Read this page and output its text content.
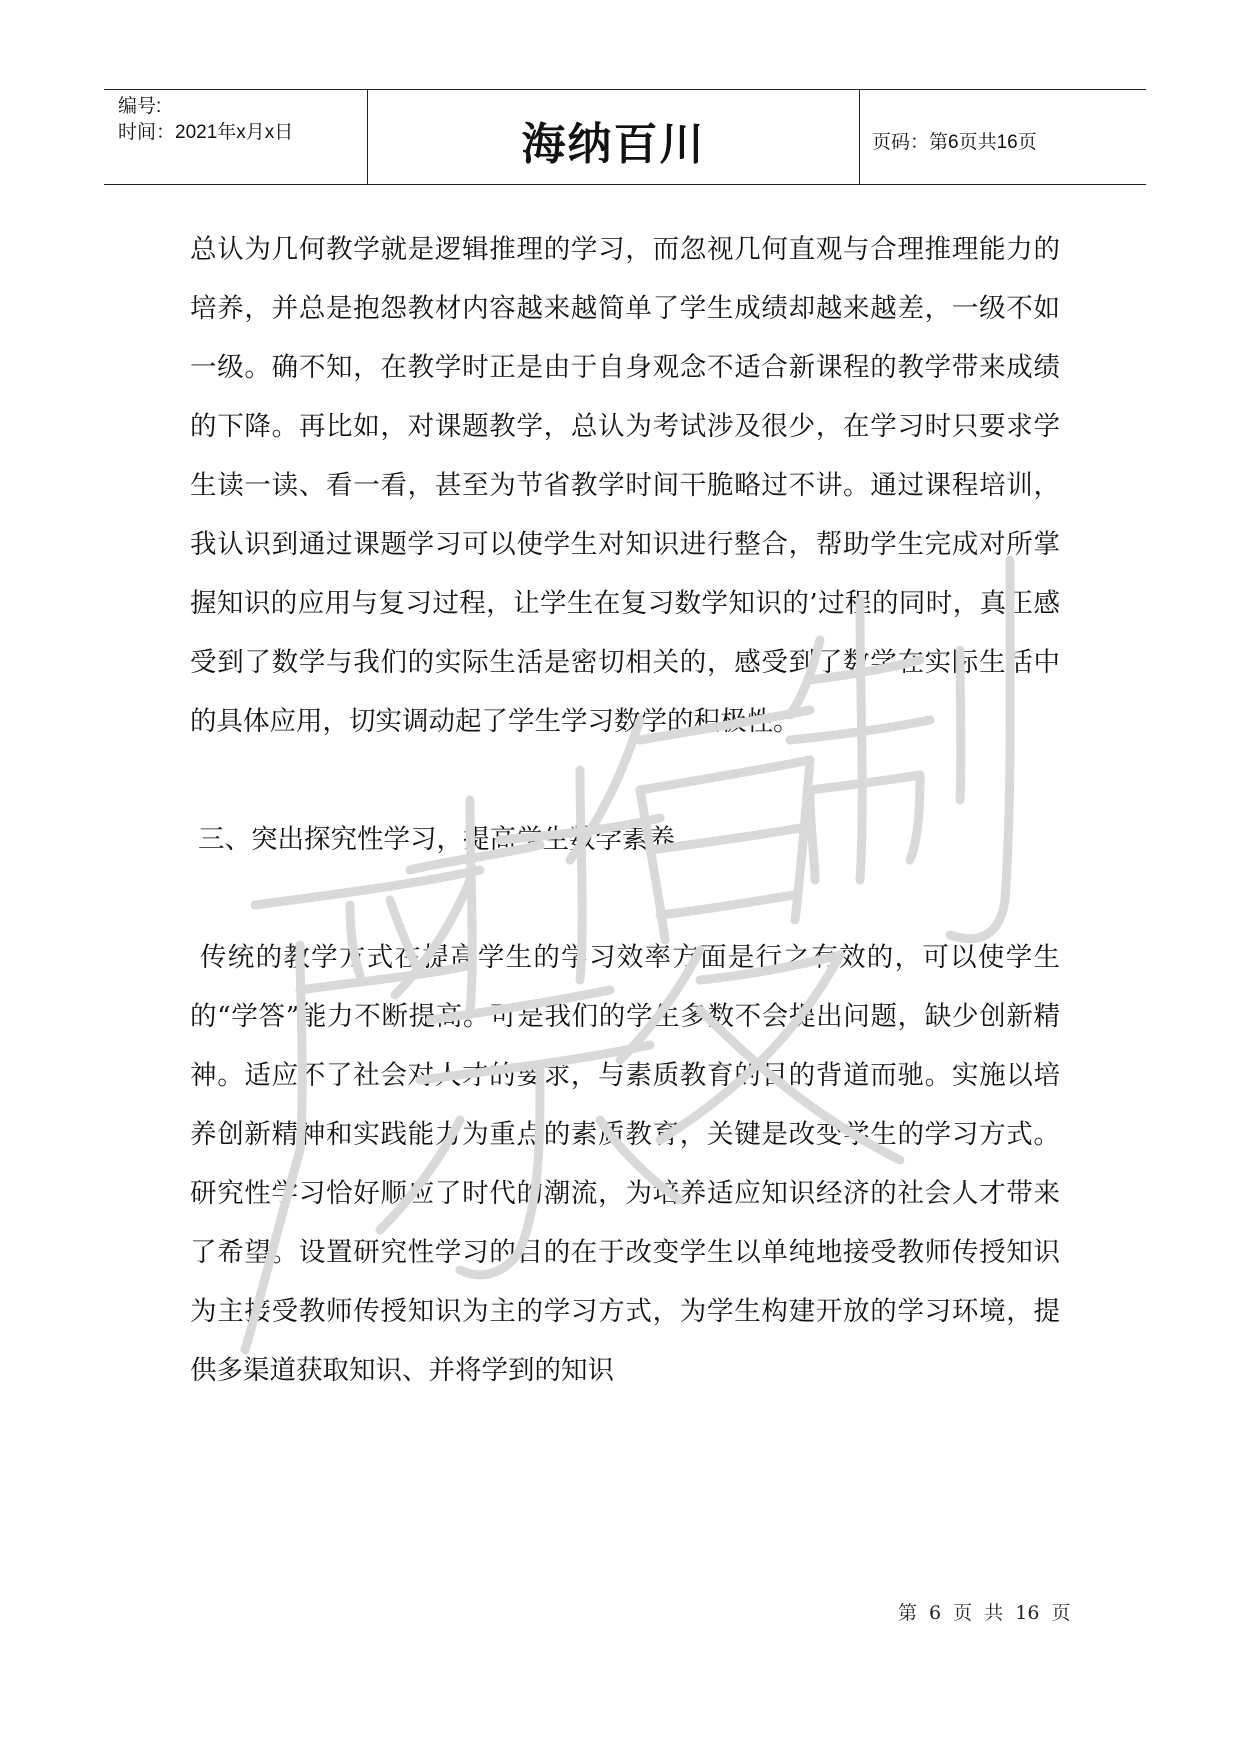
编号:
时间：2021年x月x日	海纳百川	页码：第6页共16页

总认为几何教学就是逻辑推理的学习，而忽视几何直观与合理推理能力的培养，并总是抱怨教材内容越来越简单了学生成绩却越来越差，一级不如一级。确不知，在教学时正是由于自身观念不适合新课程的教学带来成绩的下降。再比如，对课题教学，总认为考试涉及很少，在学习时只要求学生读一读、看一看，甚至为节省教学时间干脆略过不讲。通过课程培训，我认识到通过课题学习可以使学生对知识进行整合，帮助学生完成对所掌握知识的应用与复习过程，让学生在复习数学知识的’过程的同时，真正感受到了数学与我们的实际生活是密切相关的，感受到了数学在实际生活中的具体应用，切实调动起了学生学习数学的积极性。

三、突出探究性学习，提高学生数学素养。

传统的教学方式在提高学生的学习效率方面是行之有效的，可以使学生的“学答”能力不断提高。可是我们的学生多数不会提出问题，缺少创新精神。适应不了社会对人才的要求，与素质教育的目的背道而驰。实施以培养创新精神和实践能力为重点的素质教育，关键是改变学生的学习方式。研究性学习恰好顺应了时代的潮流，为培养适应知识经济的社会人才带来了希望。设置研究性学习的目的在于改变学生以单纯地接受教师传授知识为主接受教师传授知识为主的学习方式，为学生构建开放的学习环境，提供多渠道获取知识、并将学到的知识

第 6 页 共 16 页
